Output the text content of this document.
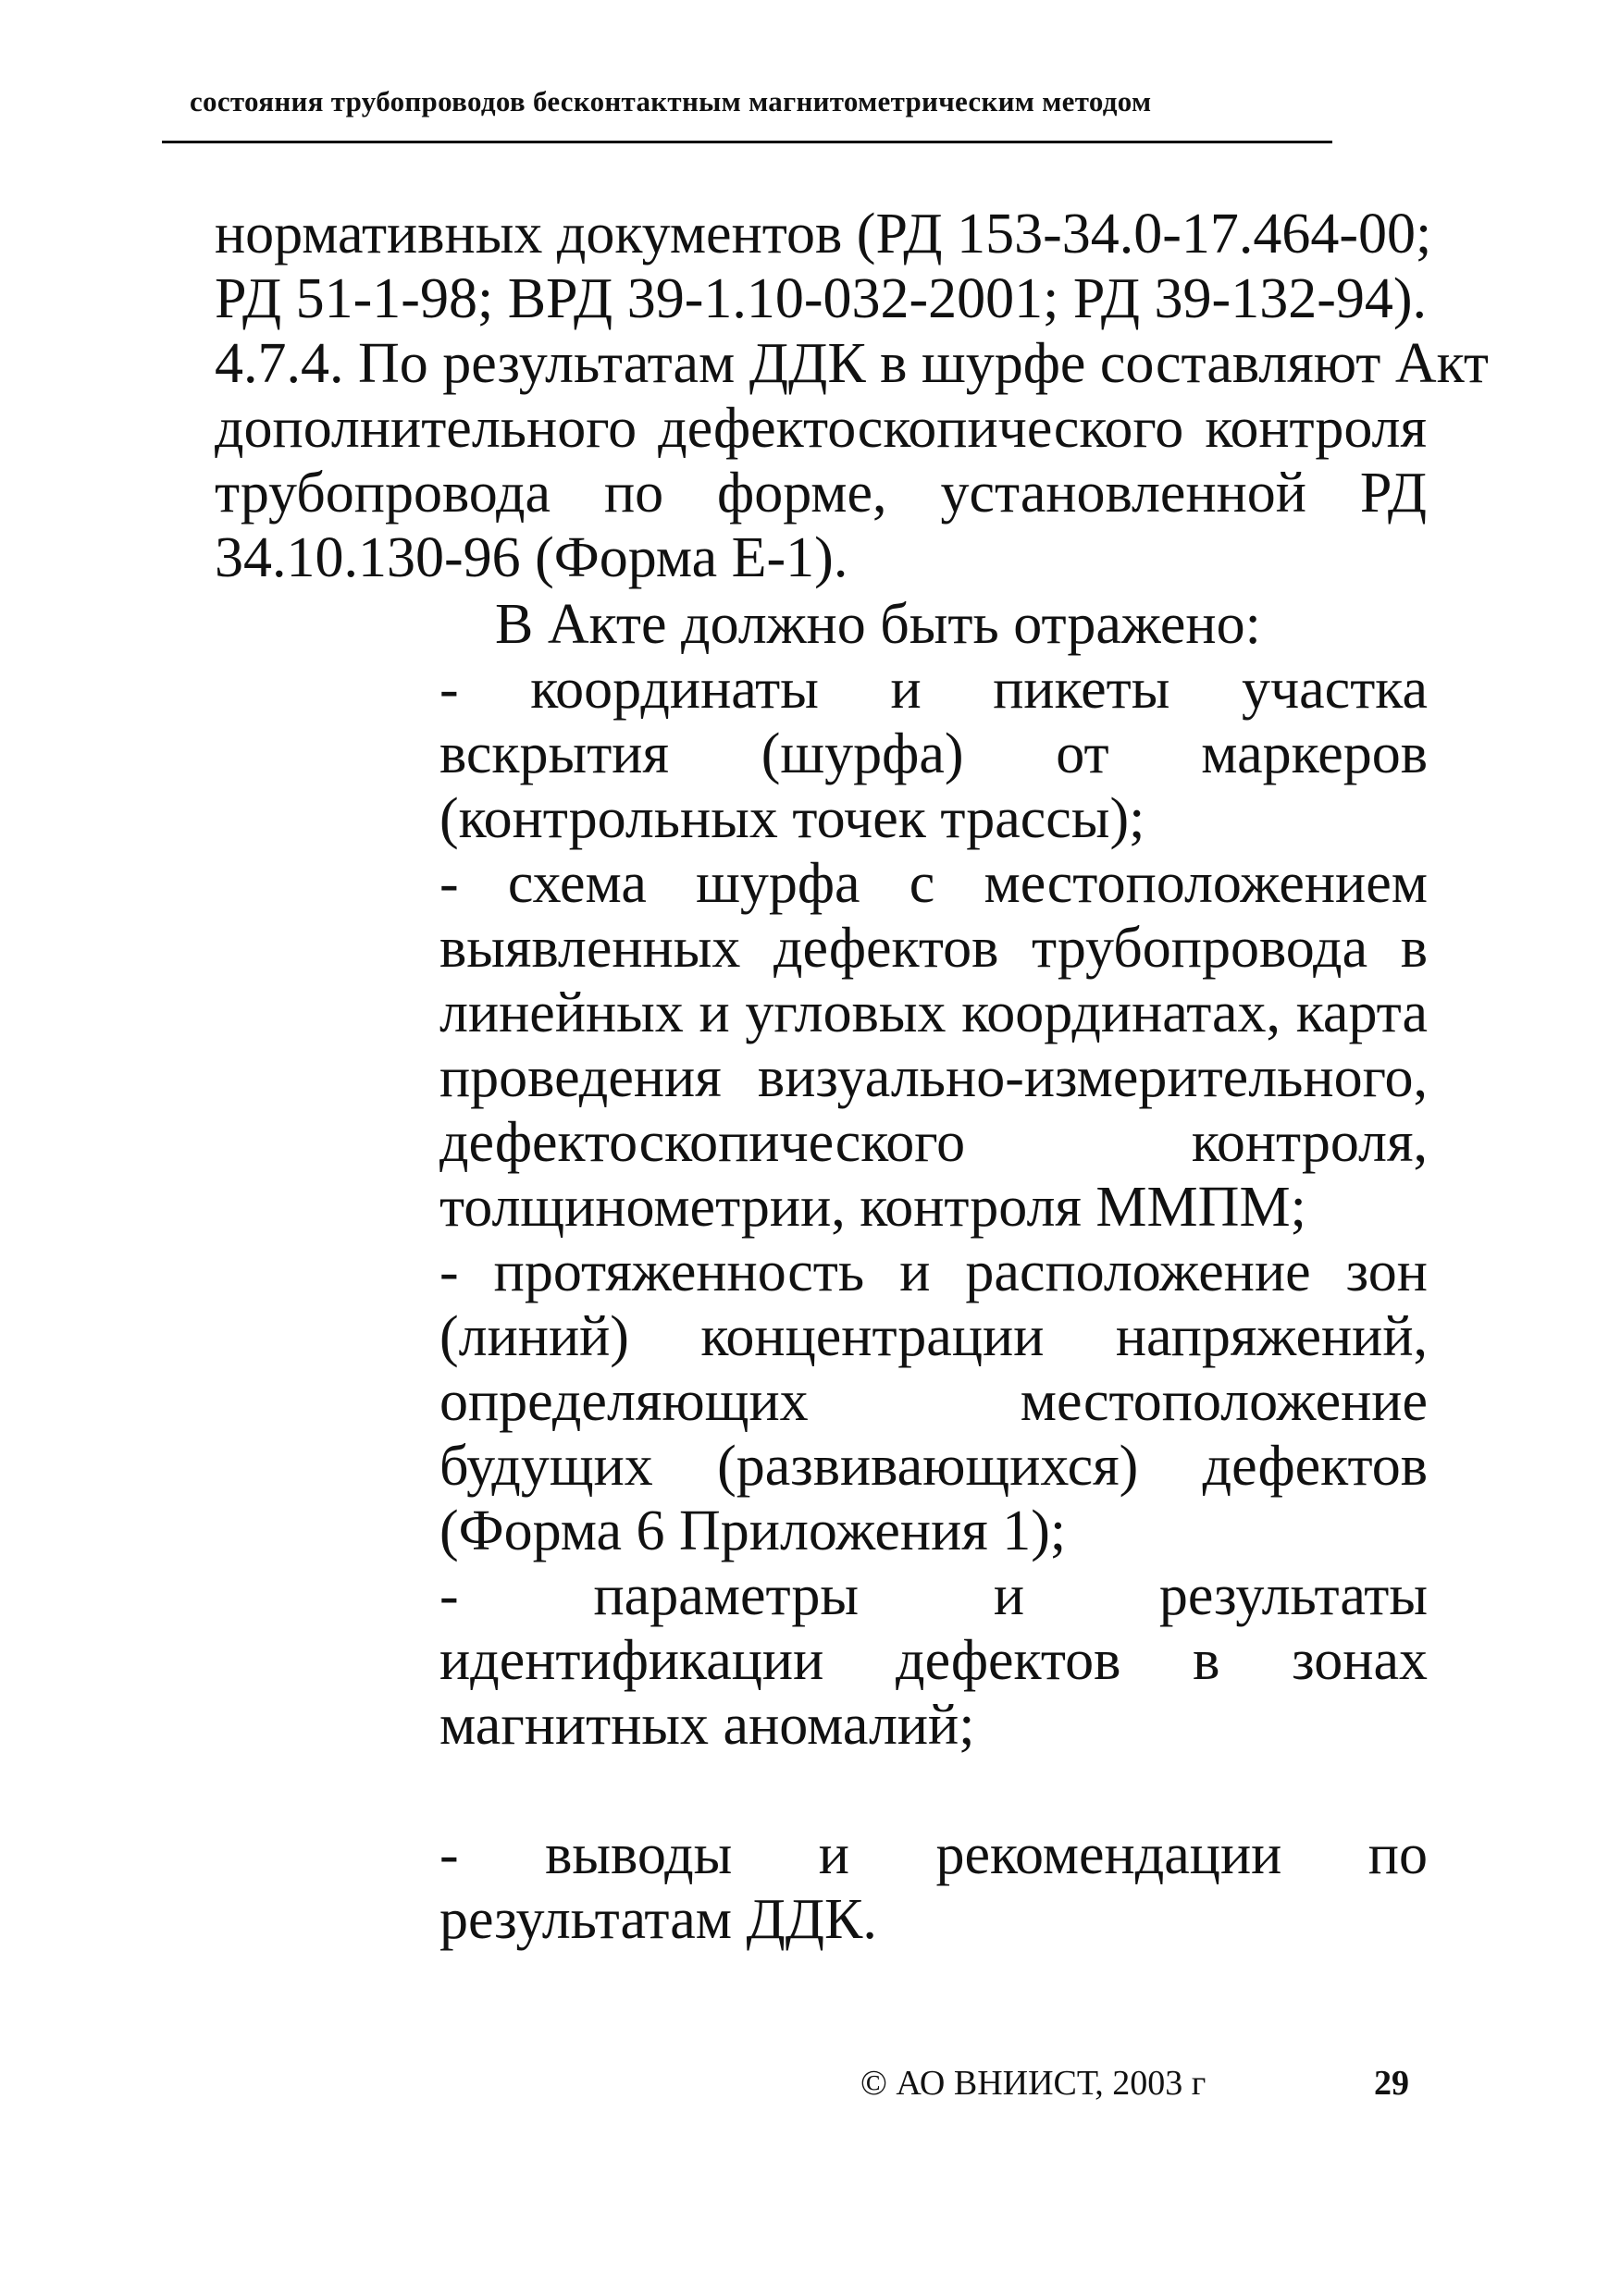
состояния трубопроводов бесконтактным магнитометрическим методом
нормативных документов (РД 153-34.0-17.464-00;
РД 51-1-98; ВРД 39-1.10-032-2001; РД 39-132-94).
4.7.4. По результатам ДДК в шурфе составляют Акт
дополнительного дефектоскопического контроля
трубопровода по форме, установленной РД
34.10.130-96 (Форма Е-1).
В Акте должно быть отражено:

- координаты и пикеты участка вскрытия (шурфа) от маркеров (контрольных точек трассы);

- схема шурфа с местоположением выявленных дефектов трубопровода в линейных и угловых координатах, карта проведения визуально-измерительного, дефектоскопического контроля, толщинометрии, контроля ММПМ;

- протяженность и расположение зон (линий) концентрации напряжений, определяющих местоположение будущих (развивающихся) дефектов (Форма 6 Приложения 1);

- параметры и результаты идентификации дефектов в зонах магнитных аномалий;

- выводы и рекомендации по результатам ДДК.

© АО ВНИИСТ, 2003 г	29
